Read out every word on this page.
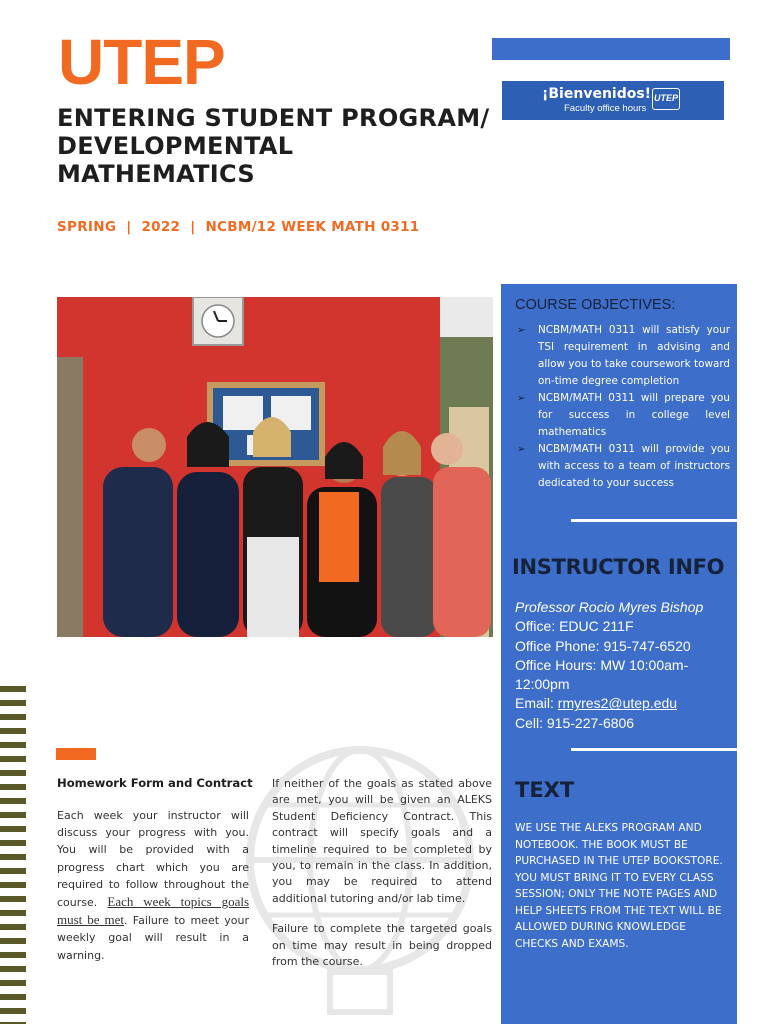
UTEP
ENTERING STUDENT PROGRAM/ DEVELOPMENTAL MATHEMATICS
SPRING  |  2022  |  NCBM/12 WEEK MATH 0311
¡Bienvenidos!
Faculty office hours
UTEP
COURSE OBJECTIVES:
➢ NCBM/MATH 0311 will satisfy your TSI requirement in advising and allow you to take coursework toward on-time degree completion
➢ NCBM/MATH 0311 will prepare you for success in college level mathematics
➢ NCBM/MATH 0311 will provide you with access to a team of instructors dedicated to your success
INSTRUCTOR INFO
Professor Rocio Myres Bishop
Office: EDUC 211F
Office Phone: 915-747-6520
Office Hours: MW 10:00am-12:00pm
Email: rmyres2@utep.edu
Cell: 915-227-6806
TEXT
WE USE THE ALEKS PROGRAM AND NOTEBOOK. THE BOOK MUST BE PURCHASED IN THE UTEP BOOKSTORE. YOU MUST BRING IT TO EVERY CLASS SESSION; ONLY THE NOTE PAGES AND HELP SHEETS FROM THE TEXT WILL BE ALLOWED DURING KNOWLEDGE CHECKS AND EXAMS.
Homework Form and Contract
Each week your instructor will discuss your progress with you. You will be provided with a progress chart which you are required to follow throughout the course. Each week topics goals must be met. Failure to meet your weekly goal will result in a warning.

If neither of the goals as stated above are met, you will be given an ALEKS Student Deficiency Contract. This contract will specify goals and a timeline required to be completed by you, to remain in the class. In addition, you may be required to attend additional tutoring and/or lab time.

Failure to complete the targeted goals on time may result in being dropped from the course.
